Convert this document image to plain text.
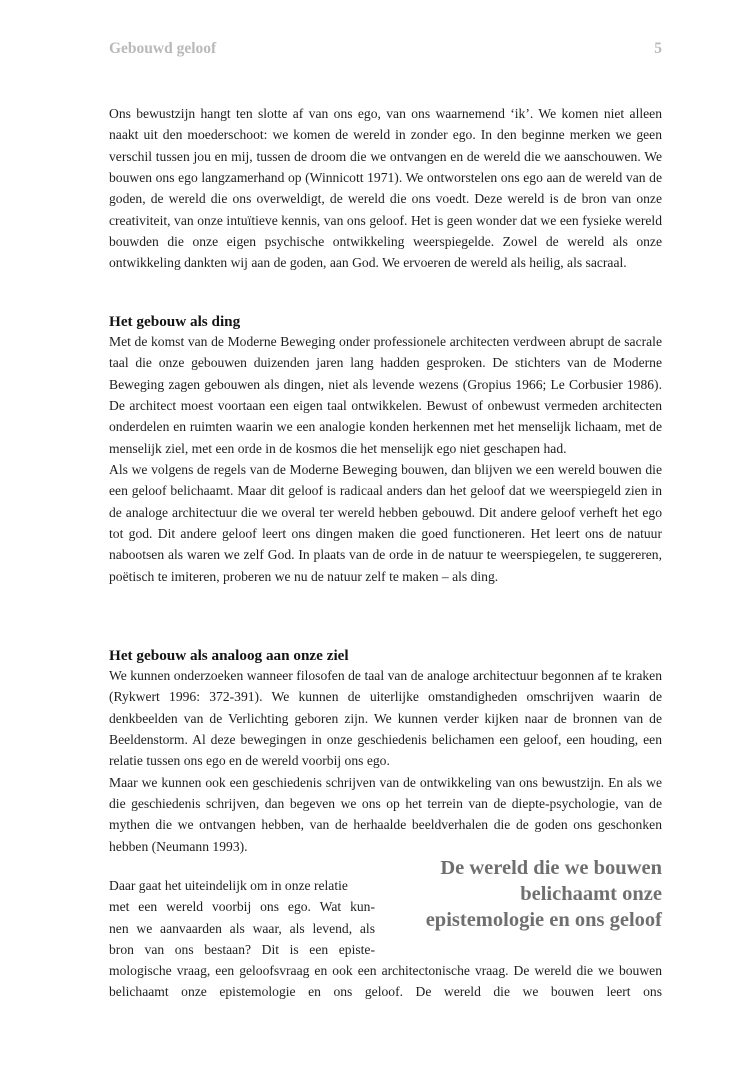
Gebouwd geloof	5

Ons bewustzijn hangt ten slotte af van ons ego, van ons waarnemend ‘ik’. We komen niet alleen naakt uit den moederschoot: we komen de wereld in zonder ego. In den beginne merken we geen verschil tussen jou en mij, tussen de droom die we ontvangen en de wereld die we aanschouwen. We bouwen ons ego langzamerhand op (Winnicott 1971). We ontworstelen ons ego aan de wereld van de goden, de wereld die ons overweldigt, de wereld die ons voedt. Deze wereld is de bron van onze creativiteit, van onze intuïtieve kennis, van ons geloof. Het is geen wonder dat we een fysieke wereld bouwden die onze eigen psychische ontwikkeling weerspiegelde. Zowel de wereld als onze ontwikkeling dankten wij aan de goden, aan God. We ervoeren de wereld als heilig, als sacraal.

Het gebouw als ding

Met de komst van de Moderne Beweging onder professionele architecten verdween abrupt de sacrale taal die onze gebouwen duizenden jaren lang hadden gesproken. De stichters van de Moderne Beweging zagen gebouwen als dingen, niet als levende wezens (Gropius 1966; Le Corbusier 1986). De architect moest voortaan een eigen taal ontwikkelen. Bewust of onbewust vermeden architecten onderdelen en ruimten waarin we een analogie konden herkennen met het menselijk lichaam, met de menselijk ziel, met een orde in de kosmos die het menselijk ego niet geschapen had.

Als we volgens de regels van de Moderne Beweging bouwen, dan blijven we een wereld bouwen die een geloof belichaamt. Maar dit geloof is radicaal anders dan het geloof dat we weerspiegeld zien in de analoge architectuur die we overal ter wereld hebben gebouwd. Dit andere geloof verheft het ego tot god. Dit andere geloof leert ons dingen maken die goed functioneren. Het leert ons de natuur nabootsen als waren we zelf God. In plaats van de orde in de natuur te weerspiegelen, te suggereren, poëtisch te imiteren, proberen we nu de natuur zelf te maken – als ding.

Het gebouw als analoog aan onze ziel

We kunnen onderzoeken wanneer filosofen de taal van de analoge architectuur begonnen af te kraken (Rykwert 1996: 372-391). We kunnen de uiterlijke omstandigheden omschrijven waarin de denkbeelden van de Verlichting geboren zijn. We kunnen verder kijken naar de bronnen van de Beeldenstorm. Al deze bewegingen in onze geschiedenis belichamen een geloof, een houding, een relatie tussen ons ego en de wereld voorbij ons ego.

Maar we kunnen ook een geschiedenis schrijven van de ontwikkeling van ons bewustzijn. En als we die geschiedenis schrijven, dan begeven we ons op het terrein van de diepte-psychologie, van de mythen die we ontvangen hebben, van de herhaalde beeldverhalen die de goden ons geschonken hebben (Neumann 1993).

Daar gaat het uiteindelijk om in onze relatie

met een wereld voorbij ons ego. Wat kun-

nen we aanvaarden als waar, als levend, als

bron van ons bestaan? Dit is een episte-

De wereld die we bouwen
belichaamt onze
epistemologie en ons geloof

mologische vraag, een geloofsvraag en ook een architectonische vraag. De wereld die we bouwen belichaamt onze epistemologie en ons geloof. De wereld die we bouwen leert ons
